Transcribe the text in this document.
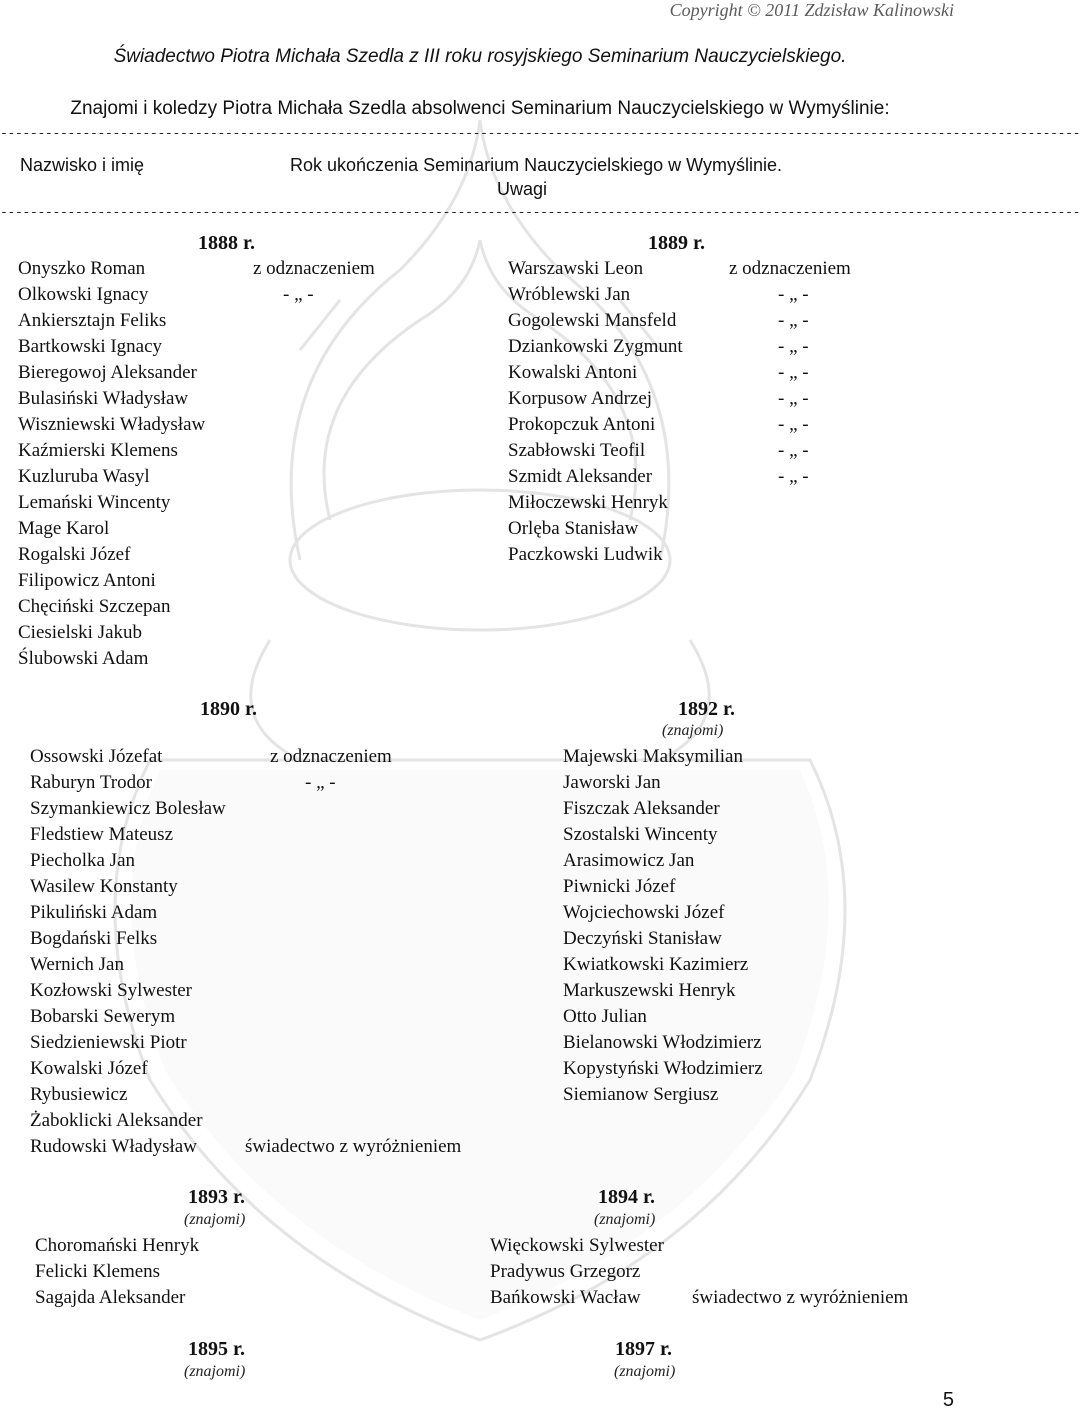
Copyright © 2011 Zdzisław Kalinowski
Świadectwo Piotra Michała Szedla z III roku rosyjskiego Seminarium Nauczycielskiego.
Znajomi i koledzy Piotra Michała Szedla absolwenci Seminarium Nauczycielskiego w Wymyślinie:
------------------------------------------------------------------------------------------------------------------------------------------------
Nazwisko i imię	Rok ukończenia Seminarium Nauczycielskiego w Wymyślinie.
Uwagi
------------------------------------------------------------------------------------------------------------------------------------------------
1888 r.
Onyszko Roman
Olkowski Ignacy
Ankiersztajn Feliks
Bartkowski Ignacy
Bieregowoj Aleksander
Bulasiński Władysław
Wiszniewski Władysław
Kaźmierski Klemens
Kuzluruba Wasyl
Lemański Wincenty
Mage Karol
Rogalski Józef
Filipowicz Antoni
Chęciński Szczepan
Ciesielski Jakub
Ślubowski Adam
z odznaczeniem
- „ -
1889 r.
Warszawski Leon
Wróblewski Jan
Gogolewski Mansfeld
Dziankowski Zygmunt
Kowalski Antoni
Korpusow Andrzej
Prokopczuk Antoni
Szabłowski Teofil
Szmidt Aleksander
Miłoczewski Henryk
Orlęba Stanisław
Paczkowski Ludwik
z odznaczeniem
- „ -
- „ -
- „ -
- „ -
- „ -
- „ -
- „ -
- „ -
1890 r.
Ossowski Józefat
Raburyn Trodor
Szymankiewicz Bolesław
Fledstiew Mateusz
Piecholka Jan
Wasilew Konstanty
Pikuliński Adam
Bogdański Felks
Wernich Jan
Kozłowski Sylwester
Bobarski Sewerym
Siedzieniewski Piotr
Kowalski Józef
Rybusiewicz
Żaboklicki Aleksander
Rudowski Władysław
z odznaczeniem
- „ -
świadectwo z wyróżnieniem
1892 r.
(znajomi)
Majewski Maksymilian
Jaworski Jan
Fiszczak Aleksander
Szostalski Wincenty
Arasimowicz Jan
Piwnicki Józef
Wojciechowski Józef
Deczyński Stanisław
Kwiatkowski Kazimierz
Markuszewski Henryk
Otto Julian
Bielanowski Włodzimierz
Kopystyński Włodzimierz
Siemianow Sergiusz
1893 r.
(znajomi)
Choromański Henryk
Felicki Klemens
Sagajda Aleksander
1894 r.
(znajomi)
Więckowski Sylwester
Pradywus Grzegorz
Bańkowski Wacław	świadectwo z wyróżnieniem
1895 r.
(znajomi)
1897 r.
(znajomi)
5
